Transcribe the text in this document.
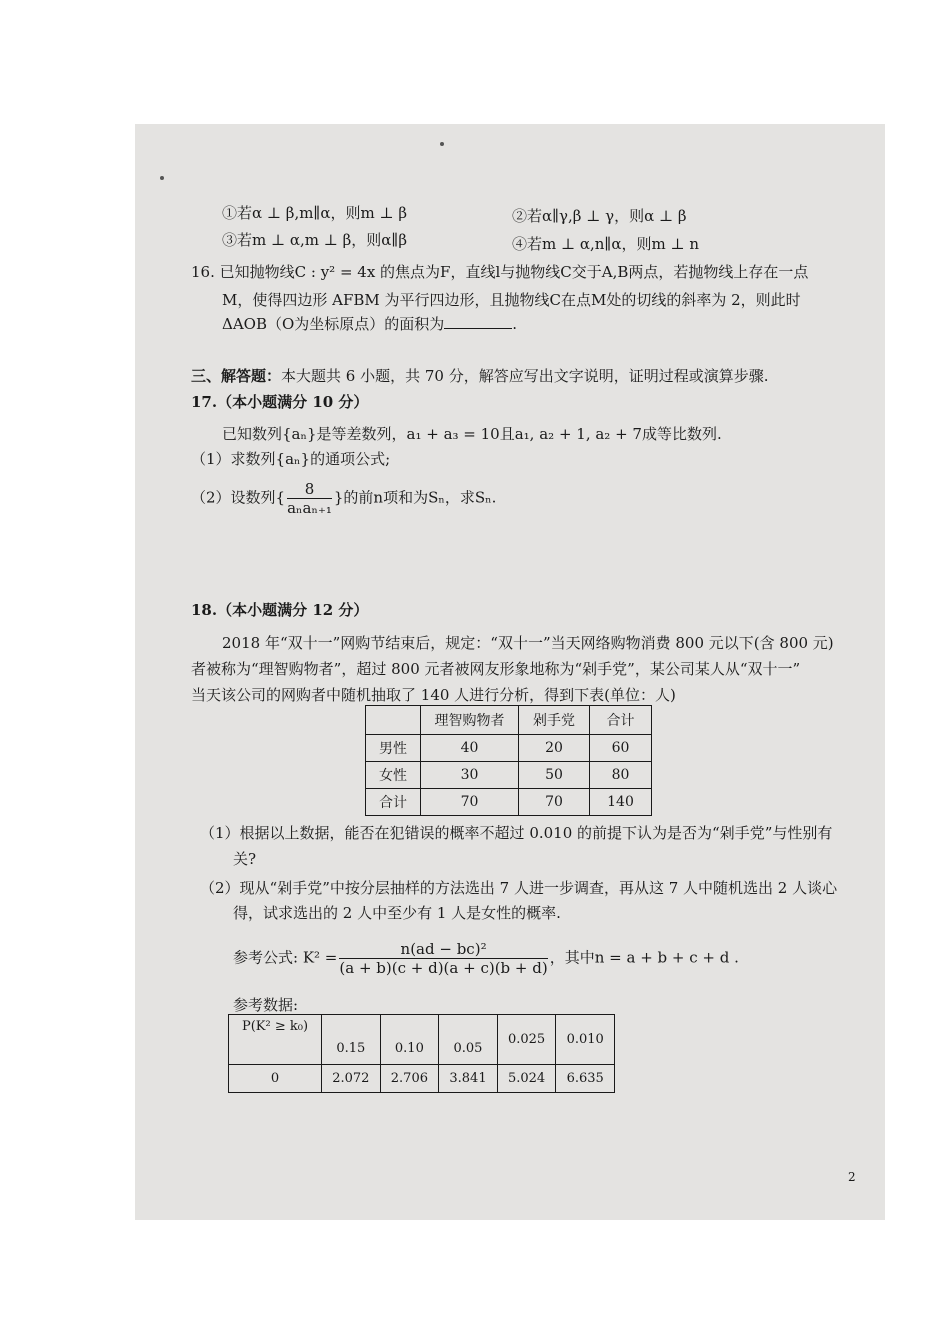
①若α ⊥ β,m∥α，则m ⊥ β	②若α∥γ,β ⊥ γ，则α ⊥ β
③若m ⊥ α,m ⊥ β，则α∥β	④若m ⊥ α,n∥α，则m ⊥ n
16. 已知抛物线C : y² = 4x 的焦点为F，直线l与抛物线C交于A,B两点，若抛物线上存在一点
M，使得四边形 AFBM 为平行四边形，且抛物线C在点M处的切线的斜率为 2，则此时
ΔAOB（O为坐标原点）的面积为	.
三、解答题：本大题共 6 小题，共 70 分，解答应写出文字说明，证明过程或演算步骤.
17.（本小题满分 10 分）
已知数列{aₙ}是等差数列，a₁ + a₃ = 10且a₁, a₂ + 1, a₂ + 7成等比数列.
（1）求数列{aₙ}的通项公式;
（2）设数列{ $\frac{8}{\text{aₙaₙ₊₁}}$ }的前n项和为Sₙ，求Sₙ.
18.（本小题满分 12 分）
2018 年“双十一”网购节结束后，规定：“双十一”当天网络购物消费 800 元以下(含 800 元)
者被称为“理智购物者”，超过 800 元者被网友形象地称为“剁手党”，某公司某人从“双十一”
当天该公司的网购者中随机抽取了 140 人进行分析，得到下表(单位：人)
	理智购物者	剁手党	合计
男性	40	20	60
女性	30	50	80
合计	70	70	140
（1）根据以上数据，能否在犯错误的概率不超过 0.010 的前提下认为是否为“剁手党”与性别有
关?
（2）现从“剁手党”中按分层抽样的方法选出 7 人进一步调查，再从这 7 人中随机选出 2 人谈心
得，试求选出的 2 人中至少有 1 人是女性的概率.
参考公式: $K^2 = \frac{\text{n(ad − bc)²}}{(a + b)(c + d)(a + c)(b + d)}$ ，其中n = a + b + c + d .
参考数据:
P(K² ≥ k₀)	0.15	0.10	0.05	0.025	0.010
0	2.072	2.706	3.841	5.024	6.635
2
